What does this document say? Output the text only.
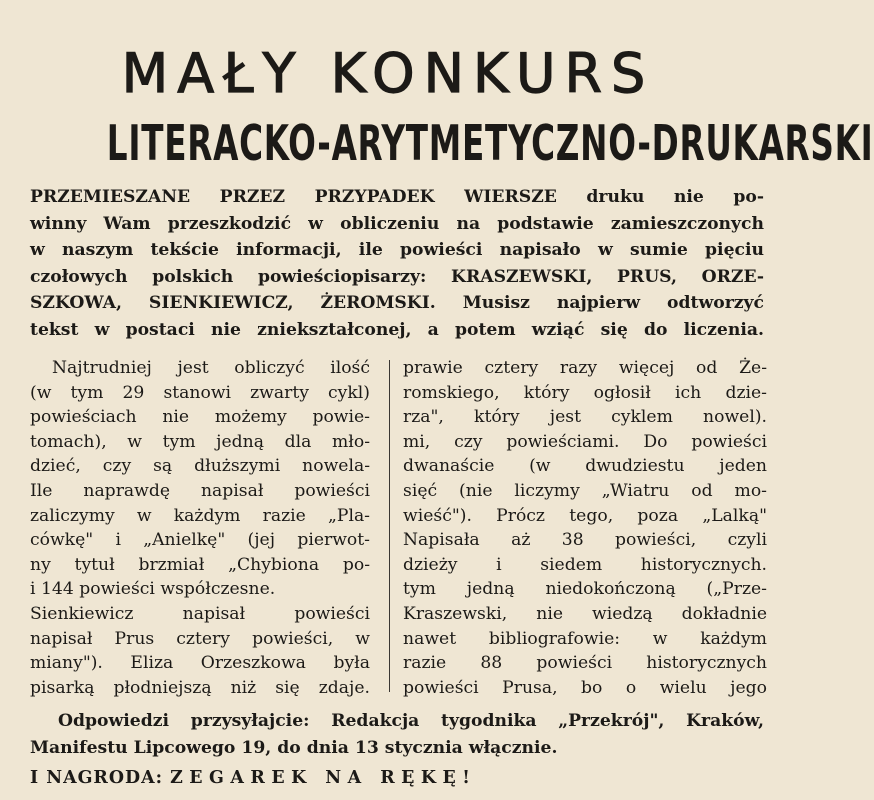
MAŁY KONKURS
LITERACKO-ARYTMETYCZNO-DRUKARSKI
PRZEMIESZANE PRZEZ PRZYPADEK WIERSZE druku nie po-
winny Wam przeszkodzić w obliczeniu na podstawie zamieszczonych
w naszym tekście informacji, ile powieści napisało w sumie pięciu
czołowych polskich powieściopisarzy: KRASZEWSKI, PRUS, ORZE-
SZKOWA, SIENKIEWICZ, ŻEROMSKI. Musisz najpierw odtworzyć
tekst w postaci nie zniekształconej, a potem wziąć się do liczenia.
Najtrudniej jest obliczyć ilość
(w tym 29 stanowi zwarty cykl)
powieściach nie możemy powie-
tomach), w tym jedną dla mło-
dzieć, czy są dłuższymi nowela-
Ile naprawdę napisał powieści
zaliczymy w każdym razie „Pla-
cówkę" i „Anielkę" (jej pierwot-
ny tytuł brzmiał „Chybiona po-
i 144 powieści współczesne.
Sienkiewicz napisał powieści
napisał Prus cztery powieści, w
miany"). Eliza Orzeszkowa była
pisarką płodniejszą niż się zdaje.
prawie cztery razy więcej od Że-
romskiego, który ogłosił ich dzie-
rza", który jest cyklem nowel).
mi, czy powieściami. Do powieści
dwanaście (w dwudziestu jeden
sięć (nie liczymy „Wiatru od mo-
wieść"). Prócz tego, poza „Lalką"
Napisała aż 38 powieści, czyli
dzieży i siedem historycznych.
tym jedną niedokończoną („Prze-
Kraszewski, nie wiedzą dokładnie
nawet bibliografowie: w każdym
razie 88 powieści historycznych
powieści Prusa, bo o wielu jego
Odpowiedzi przysyłajcie: Redakcja tygodnika „Przekrój", Kraków,
Manifestu Lipcowego 19, do dnia 13 stycznia włącznie.
I NAGRODA: ZEGAREK NA RĘKĘ!
